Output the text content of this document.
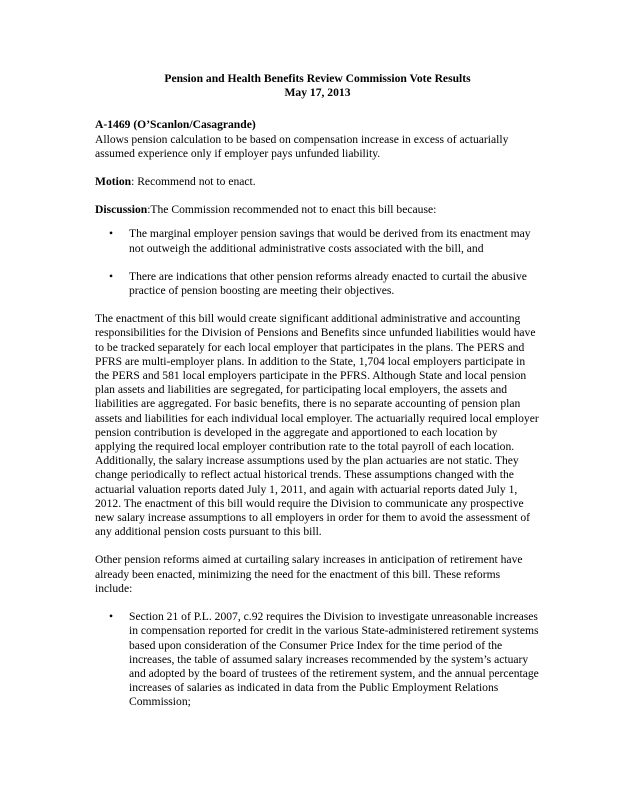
Pension and Health Benefits Review Commission Vote Results
May 17, 2013

A-1469 (O’Scanlon/Casagrande)

Allows pension calculation to be based on compensation increase in excess of actuarially assumed experience only if employer pays unfunded liability.

Motion: Recommend not to enact.

Discussion:The Commission recommended not to enact this bill because:

• The marginal employer pension savings that would be derived from its enactment may not outweigh the additional administrative costs associated with the bill, and
• There are indications that other pension reforms already enacted to curtail the abusive practice of pension boosting are meeting their objectives.

The enactment of this bill would create significant additional administrative and accounting responsibilities for the Division of Pensions and Benefits since unfunded liabilities would have to be tracked separately for each local employer that participates in the plans. The PERS and PFRS are multi-employer plans. In addition to the State, 1,704 local employers participate in the PERS and 581 local employers participate in the PFRS. Although State and local pension plan assets and liabilities are segregated, for participating local employers, the assets and liabilities are aggregated. For basic benefits, there is no separate accounting of pension plan assets and liabilities for each individual local employer. The actuarially required local employer pension contribution is developed in the aggregate and apportioned to each location by applying the required local employer contribution rate to the total payroll of each location. Additionally, the salary increase assumptions used by the plan actuaries are not static. They change periodically to reflect actual historical trends. These assumptions changed with the actuarial valuation reports dated July 1, 2011, and again with actuarial reports dated July 1, 2012. The enactment of this bill would require the Division to communicate any prospective new salary increase assumptions to all employers in order for them to avoid the assessment of any additional pension costs pursuant to this bill.

Other pension reforms aimed at curtailing salary increases in anticipation of retirement have already been enacted, minimizing the need for the enactment of this bill. These reforms include:

• Section 21 of P.L. 2007, c.92 requires the Division to investigate unreasonable increases in compensation reported for credit in the various State-administered retirement systems based upon consideration of the Consumer Price Index for the time period of the increases, the table of assumed salary increases recommended by the system’s actuary and adopted by the board of trustees of the retirement system, and the annual percentage increases of salaries as indicated in data from the Public Employment Relations Commission;
